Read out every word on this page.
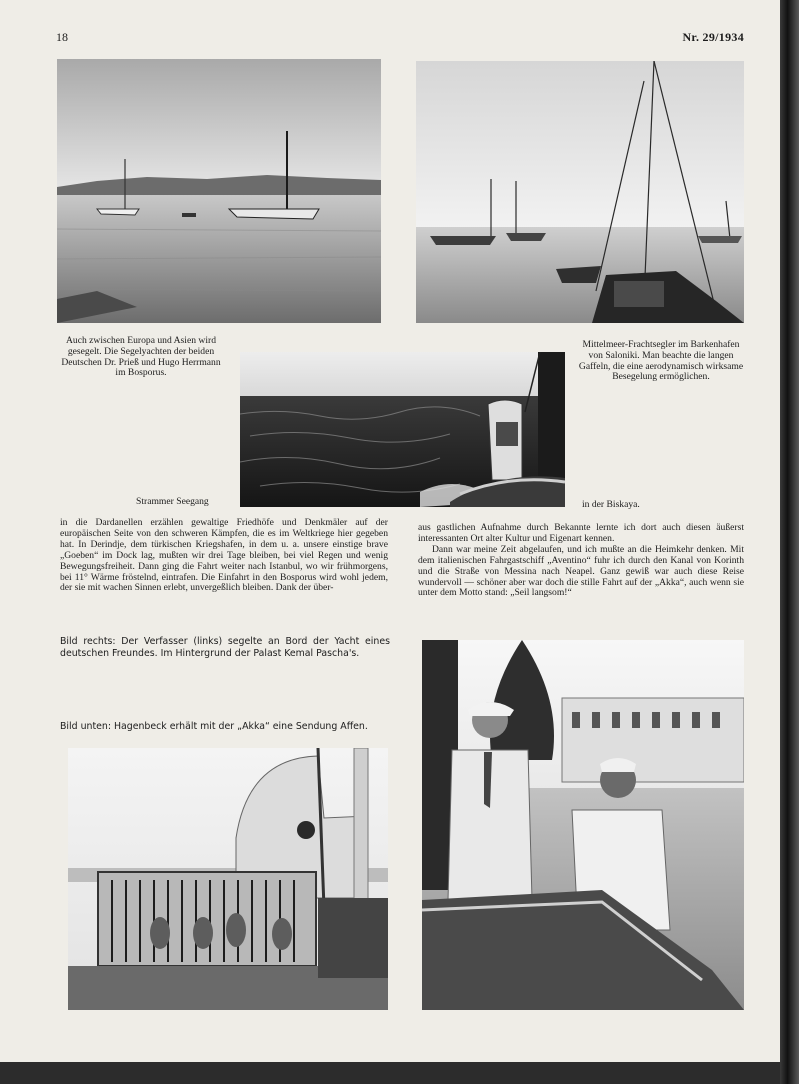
18	Nr. 29/1934
Auch zwischen Europa und Asien wird gesegelt. Die Segelyachten der beiden Deutschen Dr. Prieß und Hugo Herrmann im Bosporus.
Mittelmeer-Frachtsegler im Barkenhafen von Saloniki. Man beachte die langen Gaffeln, die eine aerodynamisch wirksame Besegelung ermöglichen.
Strammer Seegang	in der Biskaya.

in die Dardanellen erzählen gewaltige Friedhöfe und Denkmäler auf der europäischen Seite von den schweren Kämpfen, die es im Weltkriege hier gegeben hat. In Derindje, dem türkischen Kriegshafen, in dem u. a. unsere einstige brave „Goeben“ im Dock lag, mußten wir drei Tage bleiben, bei viel Regen und wenig Bewegungsfreiheit. Dann ging die Fahrt weiter nach Istanbul, wo wir frühmorgens, bei 11° Wärme fröstelnd, eintrafen. Die Einfahrt in den Bosporus wird wohl jedem, der sie mit wachen Sinnen erlebt, unvergeßlich bleiben. Dank der über-

aus gastlichen Aufnahme durch Bekannte lernte ich dort auch diesen äußerst interessanten Ort alter Kultur und Eigenart kennen.

Dann war meine Zeit abgelaufen, und ich mußte an die Heimkehr denken. Mit dem italienischen Fahrgastschiff „Aventino“ fuhr ich durch den Kanal von Korinth und die Straße von Messina nach Neapel. Ganz gewiß war auch diese Reise wundervoll — schöner aber war doch die stille Fahrt auf der „Akka“, auch wenn sie unter dem Motto stand: „Seil langsom!“

Bild rechts: Der Verfasser (links) segelte an Bord der Yacht eines deutschen Freundes. Im Hintergrund der Palast Kemal Pascha's.
Bild unten: Hagenbeck erhält mit der „Akka“ eine Sendung Affen.
